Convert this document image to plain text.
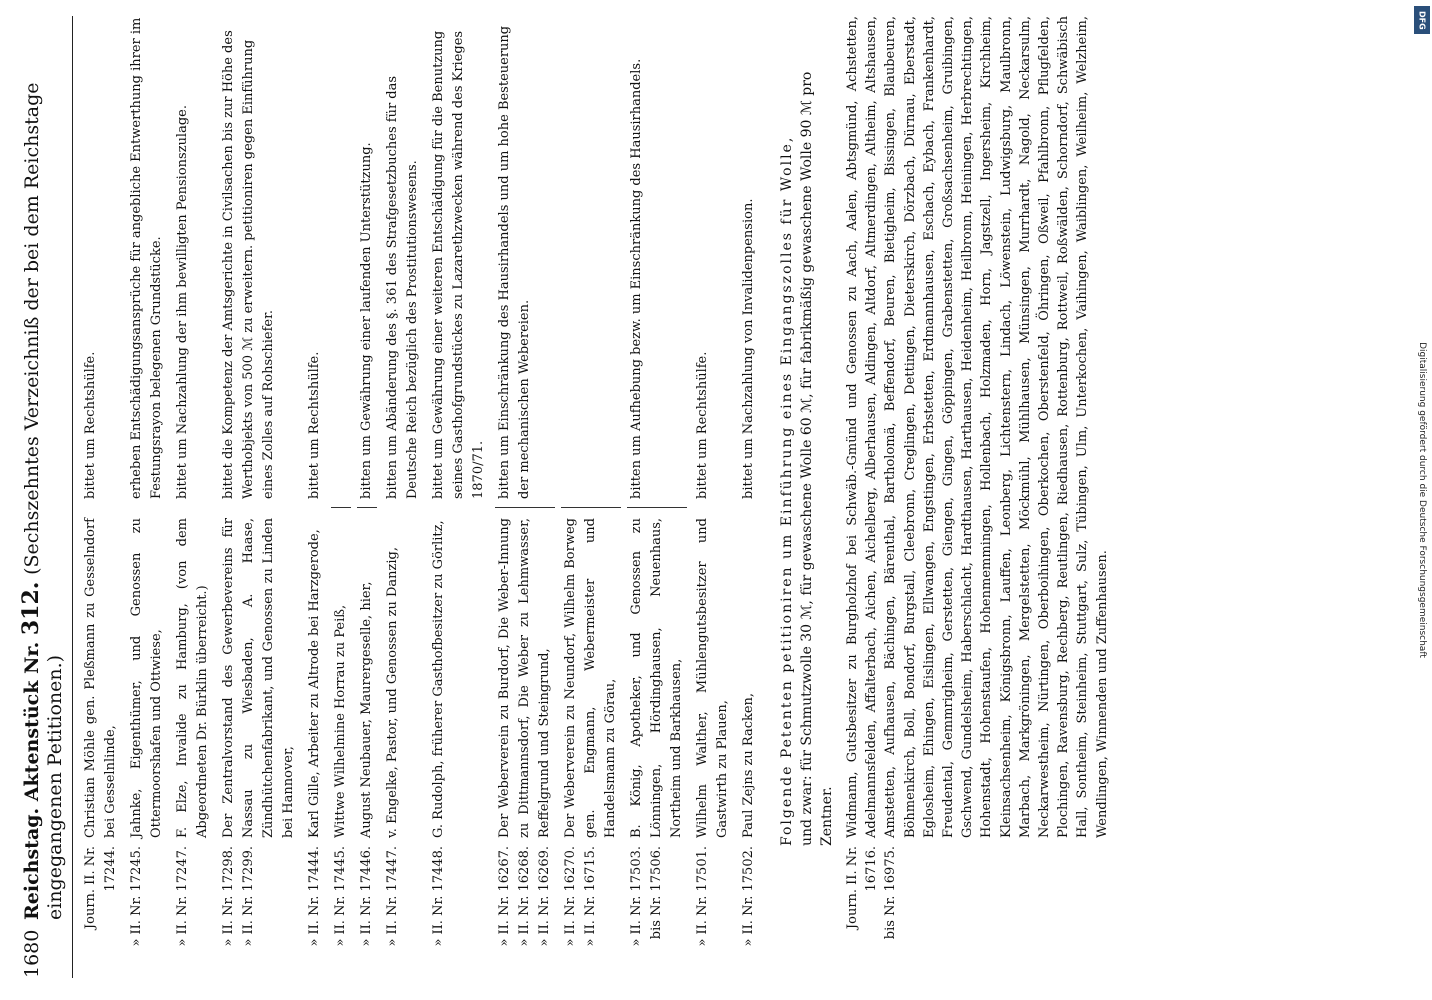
1680
Reichstag. Aktenstück Nr. 312. (Sechszehntes Verzeichniß der bei dem Reichstage eingegangenen Petitionen.) Journ. II. Nr. 17244.
Christian Möhle gen. Pleßmann zu Gesselndorf bei Gesselnlinde,
bittet um Rechtshülfe.
» II. Nr. 17245.
Jahnke, Eigenthümer, und Genossen zu Ottermoorshafen und Ottwiese,
erheben Entschädigungsansprüche für angebliche Entwerthung ihrer im Festungsrayon belegenen Grundstücke.
» II. Nr. 17247.
F. Elze, Invalide zu Hamburg, (von dem Abgeordneten Dr. Bürklin überreicht.)
bittet um Nachzahlung der ihm bewilligten Pensionszulage.
» II. Nr. 17298.
» II. Nr. 17299.
Der Zentralvorstand des Gewerbevereins für Nassau zu Wiesbaden, A. Haase, Zündhütchenfabrikant, und Genossen zu Linden bei Hannover,
bittet die Kompetenz der Amtsgerichte in Civilsachen bis zur Höhe des Werthobjekts von 500 ℳ zu erweitern. petitioniren gegen Einführung eines Zolles auf Rohschiefer.
» II. Nr. 17444.
Karl Gille, Arbeiter zu Altrode bei Harzgerode,
bittet um Rechtshülfe.
» II. Nr. 17445.
Wittwe Wilhelmine Horrau zu Peiß,
» II. Nr. 17446.
August Neubauer, Maurergeselle, hier,
bitten um Gewährung einer laufenden Unterstützung.
» II. Nr. 17447.
v. Engelke, Pastor, und Genossen zu Danzig,
bitten um Abänderung des §. 361 des Strafgesetzbuches für das Deutsche Reich bezüglich des Prostitutionswesens.
» II. Nr. 17448.
G. Rudolph, früherer Gasthofbesitzer zu Görlitz,
bittet um Gewährung einer weiteren Entschädigung für die Benutzung seines Gasthofgrundstückes zu Lazarethzwecken während des Krieges 1870/71.
» II. Nr. 16267.
» II. Nr. 16268.
» II. Nr. 16269.
Der Weberverein zu Burdorf, Die Weber-Innung zu Dittmannsdorf, Die Weber zu Lehmwasser, Reffelgrund und Steingrund,
bitten um Einschränkung des Hausirhandels und um hohe Besteuerung der mechanischen Webereien.
» II. Nr. 16270.
» II. Nr. 16715.
Der Weberverein zu Neundorf, Wilhelm Borweg gen. Engmann, Webermeister und Handelsmann zu Görau,
» II. Nr. 17503.
bis Nr. 17506.
B. König, Apotheker, und Genossen zu Lönningen, Hördinghausen, Neuenhaus, Northeim und Barkhausen,
bitten um Aufhebung bezw. um Einschränkung des Hausirhandels.
» II. Nr. 17501.
Wilhelm Walther, Mühlengutsbesitzer und Gastwirth zu Plauen,
bittet um Rechtshülfe.
» II. Nr. 17502.
Paul Zejns zu Racken,
bittet um Nachzahlung von Invalidenpension. Folgende Petenten petitioniren um Einführung eines Eingangszolles für Wolle, und zwar: für Schmutzwolle 30 ℳ, für gewaschene Wolle 60 ℳ, für fabrikmäßig gewaschene Wolle 90 ℳ pro Zentner.
Journ. II. Nr. 16716.
bis Nr. 16975.
Widmann, Gutsbesitzer zu Burgholzhof bei Schwäb.-Gmünd und Genossen zu Aach, Aalen, Abtsgmünd, Achstetten, Adelmannsfelden, Affalterbach, Aichen, Aichelberg, Alberhausen, Aldingen, Altdorf, Altmerdingen, Altheim, Altshausen, Amstetten, Aufhausen, Bächingen, Bärenthal, Bartholomä, Beffendorf, Beuren, Bietigheim, Bissingen, Blaubeuren, Böhmenkirch, Boll, Bondorf, Burgstall, Cleebronn, Creglingen, Dettingen, Dieterskirch, Dörzbach, Dürnau, Eberstadt, Eglosheim, Ehingen, Eislingen, Ellwangen, Engstingen, Erbstetten, Erdmannhausen, Eschach, Eybach, Frankenhardt, Freudental, Gemmrigheim, Gerstetten, Giengen, Gingen, Göppingen, Grabenstetten, Großsachsenheim, Gruibingen, Gschwend, Gundelsheim, Haberschlacht, Hardthausen, Harthausen, Heidenheim, Heilbronn, Heiningen, Herbrechtingen, Hohenstadt, Hohenstaufen, Hohenmemmingen, Hollenbach, Holzmaden, Horn, Jagstzell, Ingersheim, Kirchheim, Kleinsachsenheim, Königsbronn, Lauffen, Leonberg, Lichtenstern, Lindach, Löwenstein, Ludwigsburg, Maulbronn, Marbach, Markgröningen, Mergelstetten, Möckmühl, Mühlhausen, Münsingen, Murrhardt, Nagold, Neckarsulm, Neckarwestheim, Nürtingen, Oberboihingen, Oberkochen, Oberstenfeld, Öhringen, Oßweil, Pfahlbronn, Pflugfelden, Plochingen, Ravensburg, Rechberg, Reutlingen, Riedhausen, Rottenburg, Rottweil, Roßwälden, Schorndorf, Schwäbisch Hall, Sontheim, Steinheim, Stuttgart, Sulz, Tübingen, Ulm, Unterkochen, Vaihingen, Waiblingen, Weilheim, Welzheim, Wendlingen, Winnenden und Zuffenhausen.
Digitalisierung gefördert durch die Deutsche Forschungsgemeinschaft
DFG
